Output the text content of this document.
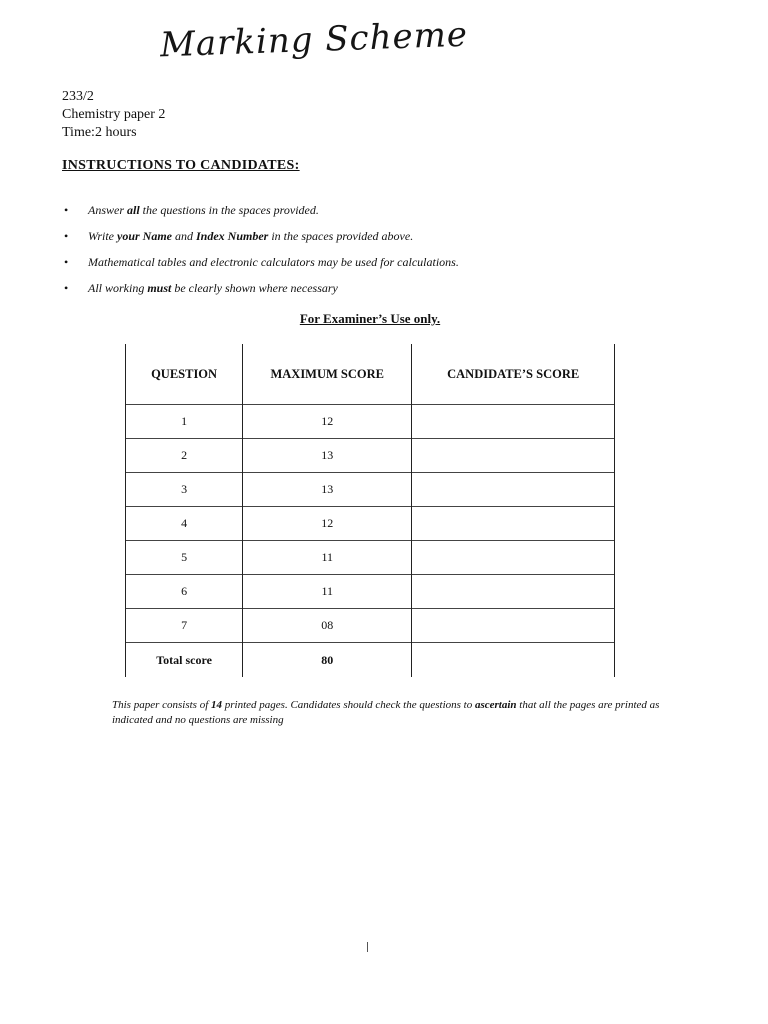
Marking Scheme
233/2
Chemistry paper 2
Time:2 hours
INSTRUCTIONS TO CANDIDATES:
• Answer all the questions in the spaces provided.
• Write your Name and Index Number in the spaces provided above.
• Mathematical tables and electronic calculators may be used for calculations.
• All working must be clearly shown where necessary
For Examiner’s Use only.
QUESTION	MAXIMUM SCORE	CANDIDATE’S SCORE
1	12	
2	13	
3	13	
4	12	
5	11	
6	11	
7	08	
Total score	80	
This paper consists of 14 printed pages. Candidates should check the questions to ascertain that all the pages are printed as indicated and no questions are missing
